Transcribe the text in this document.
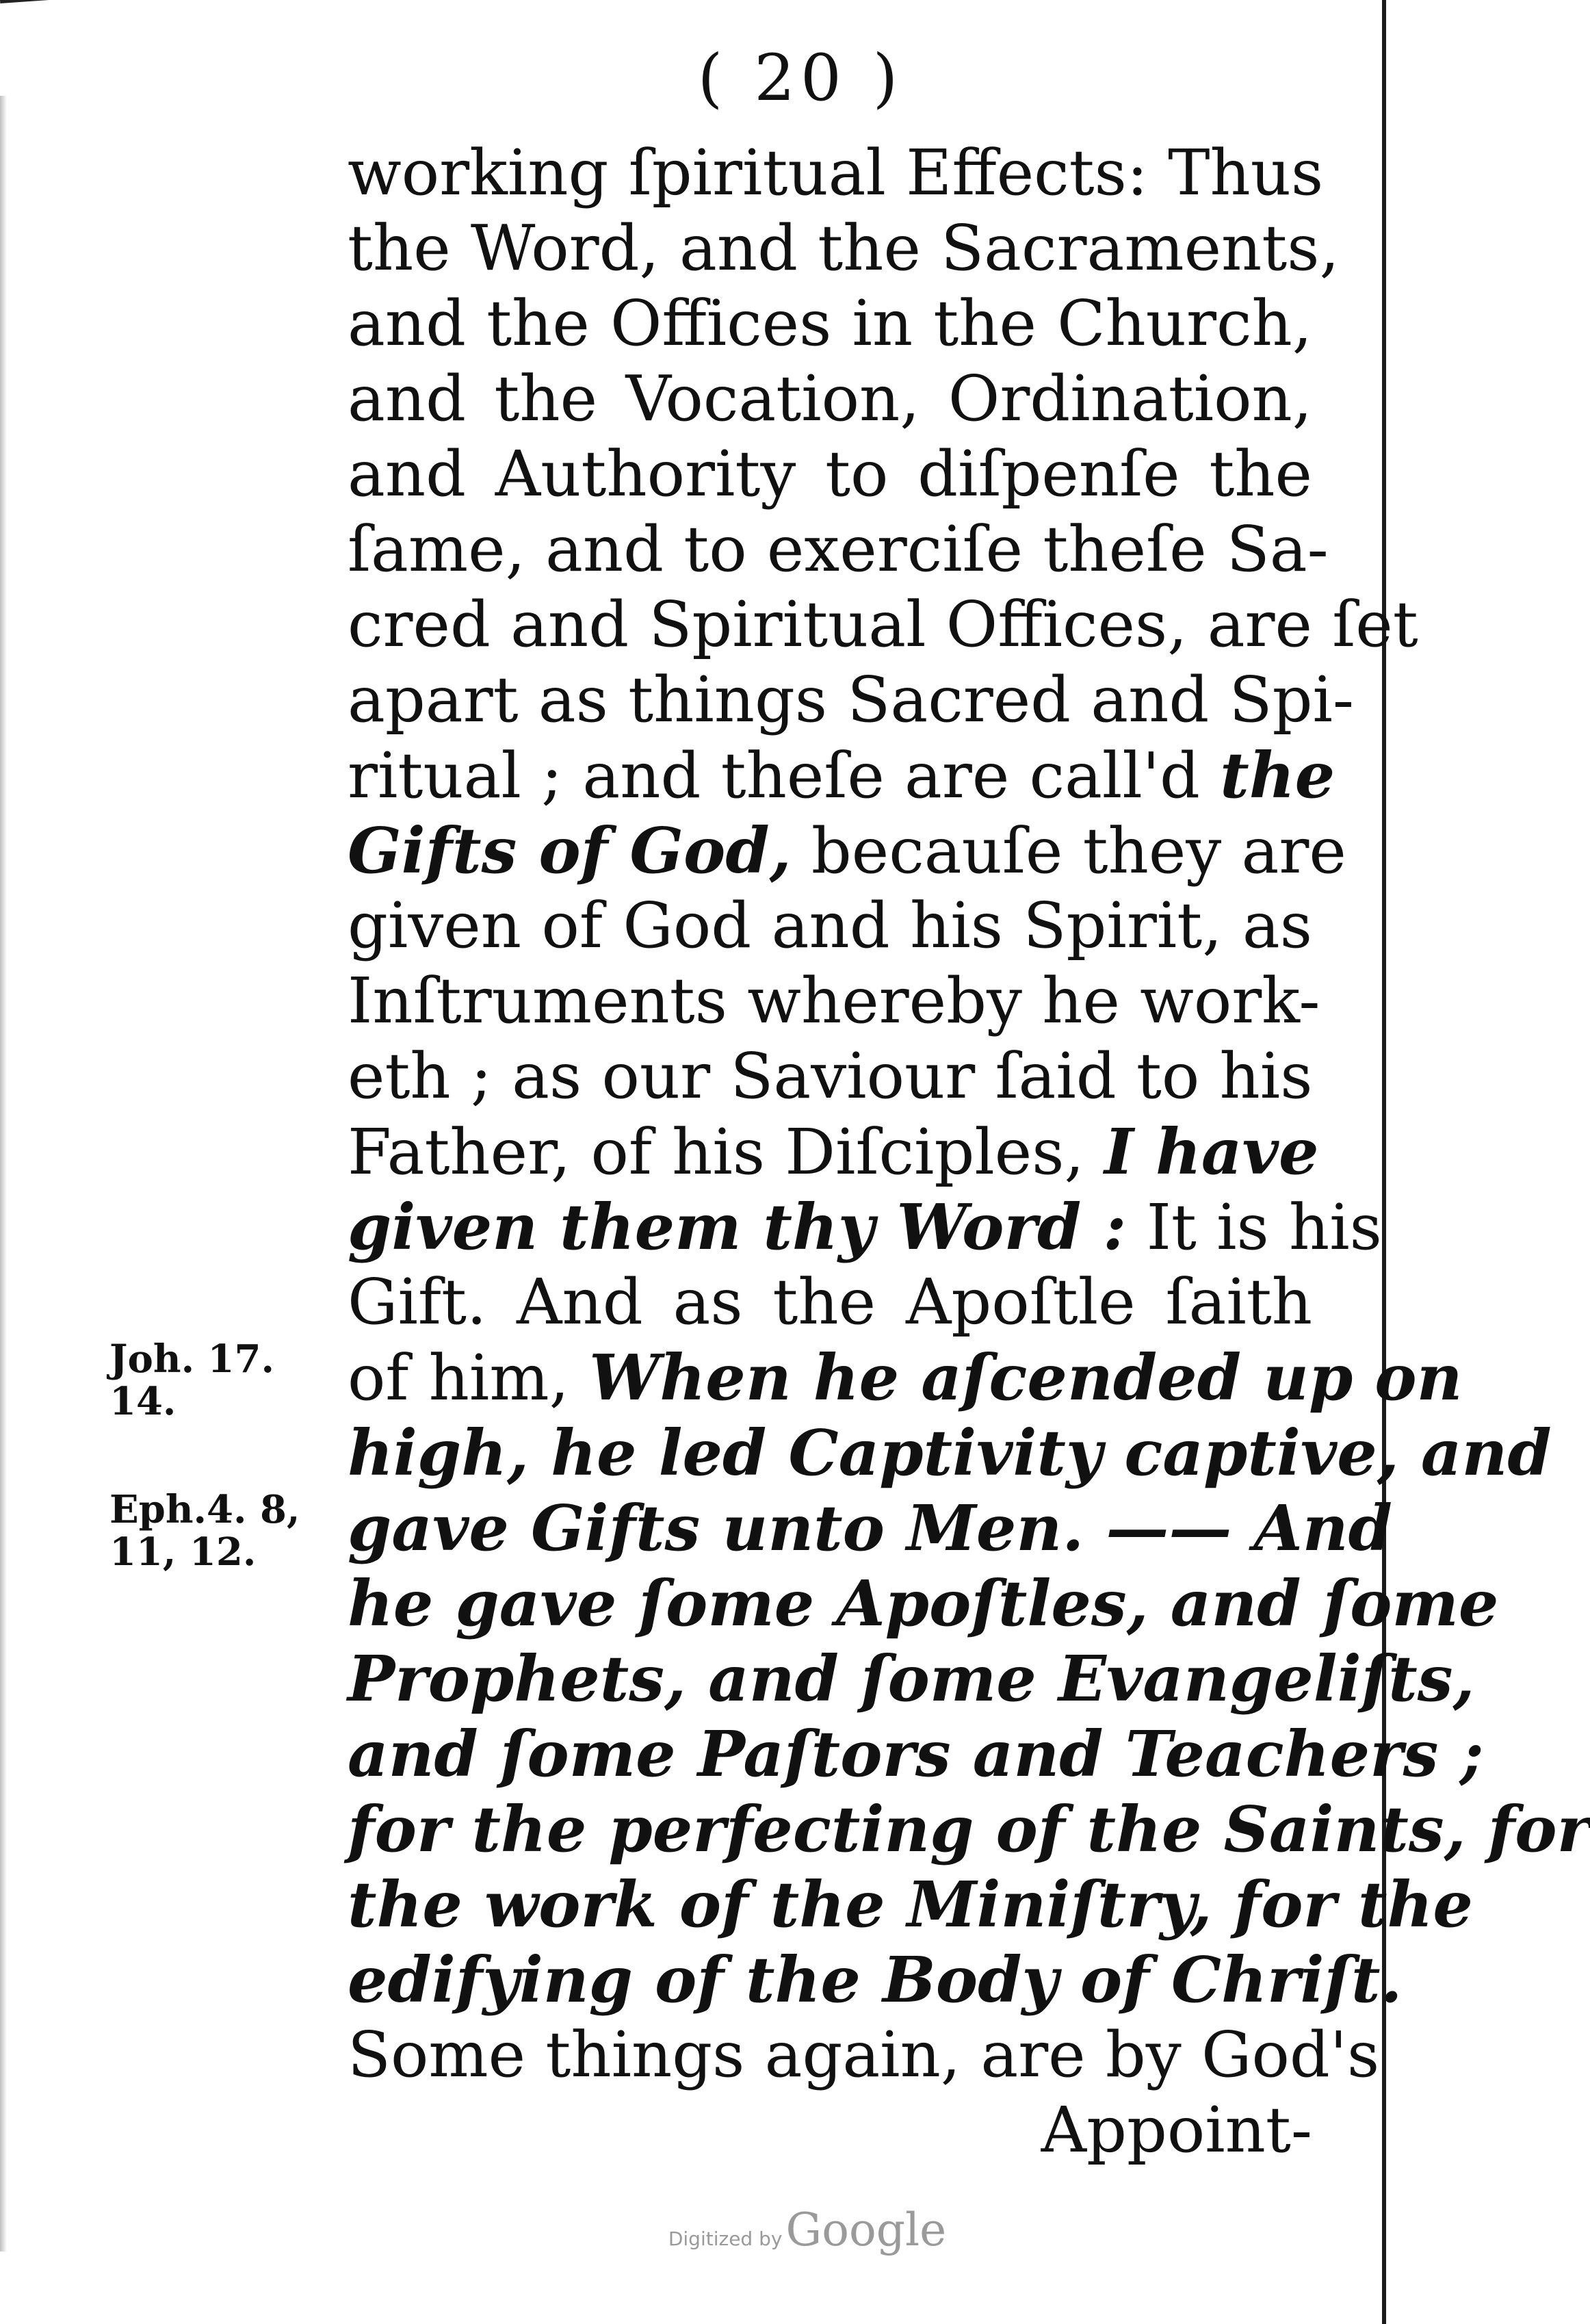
( 20 )
working ſpiritual Effects: Thus
the Word, and the Sacraments,
and the Offices in the Church,
and the Vocation, Ordination,
and Authority to diſpenſe the
ſame, and to exerciſe theſe Sa-
cred and Spiritual Offices, are ſet
apart as things Sacred and Spi-
ritual ; and theſe are call'd the
Gifts of God, becauſe they are
given of God and his Spirit, as
Inſtruments whereby he work-
eth ; as our Saviour ſaid to his
Father, of his Diſciples, I have
given them thy Word : It is his
Gift. And as the Apoſtle ſaith
of him, When he aſcended up on
high, he led Captivity captive, and
gave Gifts unto Men. —— And
he gave ſome Apoſtles, and ſome
Prophets, and ſome Evangeliſts,
and ſome Paſtors and Teachers ;
for the perfecting of the Saints, for
the work of the Miniſtry, for the
edifying of the Body of Chriſt.
Some things again, are by God's
Appoint-
Joh. 17.
14.
Eph.4. 8,
11, 12.
Digitized by Google
